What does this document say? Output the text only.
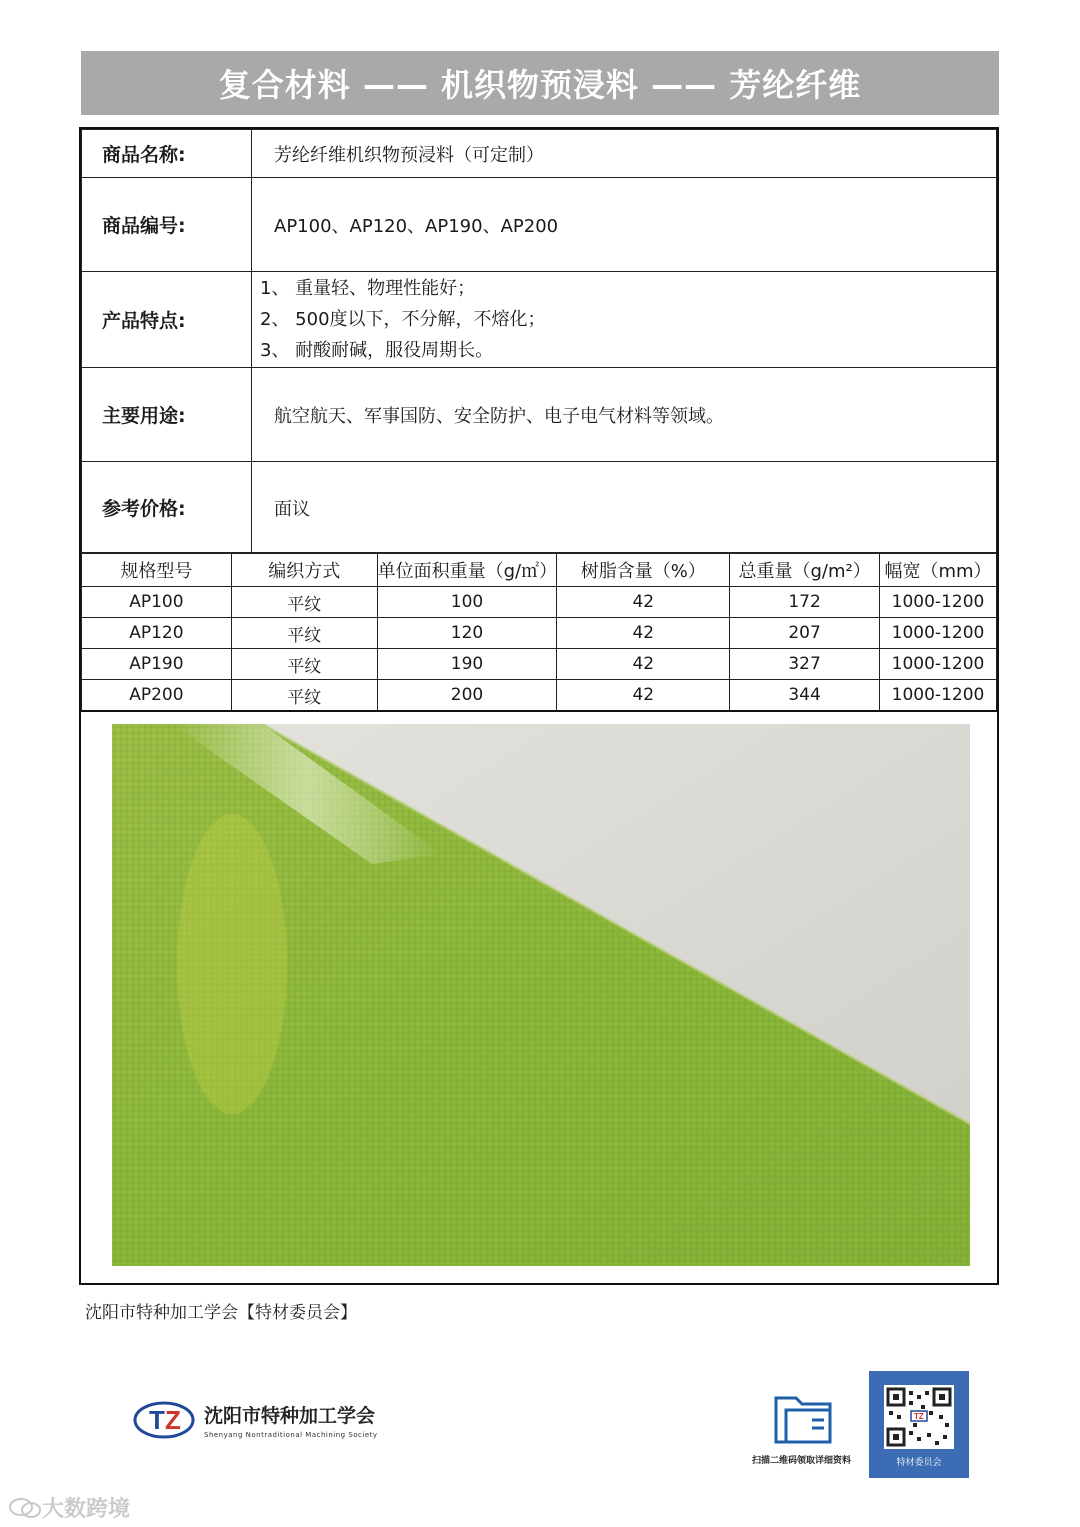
复合材料 —— 机织物预浸料 —— 芳纶纤维
商品名称:	芳纶纤维机织物预浸料（可定制）
商品编号:	AP100、AP120、AP190、AP200
产品特点:	1、 重量轻、物理性能好；
2、 500度以下，不分解，不熔化；
3、 耐酸耐碱，服役周期长。

主要用途:	航空航天、军事国防、安全防护、电子电气材料等领域。
参考价格:	面议
规格型号	编织方式	单位面积重量（g/㎡）	树脂含量（%）	总重量（g/m²）	幅宽（mm）
AP100	平纹	100	42	172	1000-1200
AP120	平纹	120	42	207	1000-1200
AP190	平纹	190	42	327	1000-1200
AP200	平纹	200	42	344	1000-1200
沈阳市特种加工学会【特材委员会】
T Z 沈阳市特种加工学会
Shenyang Nontraditional Machining Society
扫描二维码领取详细资料
TZ
特材委员会
大数跨境
